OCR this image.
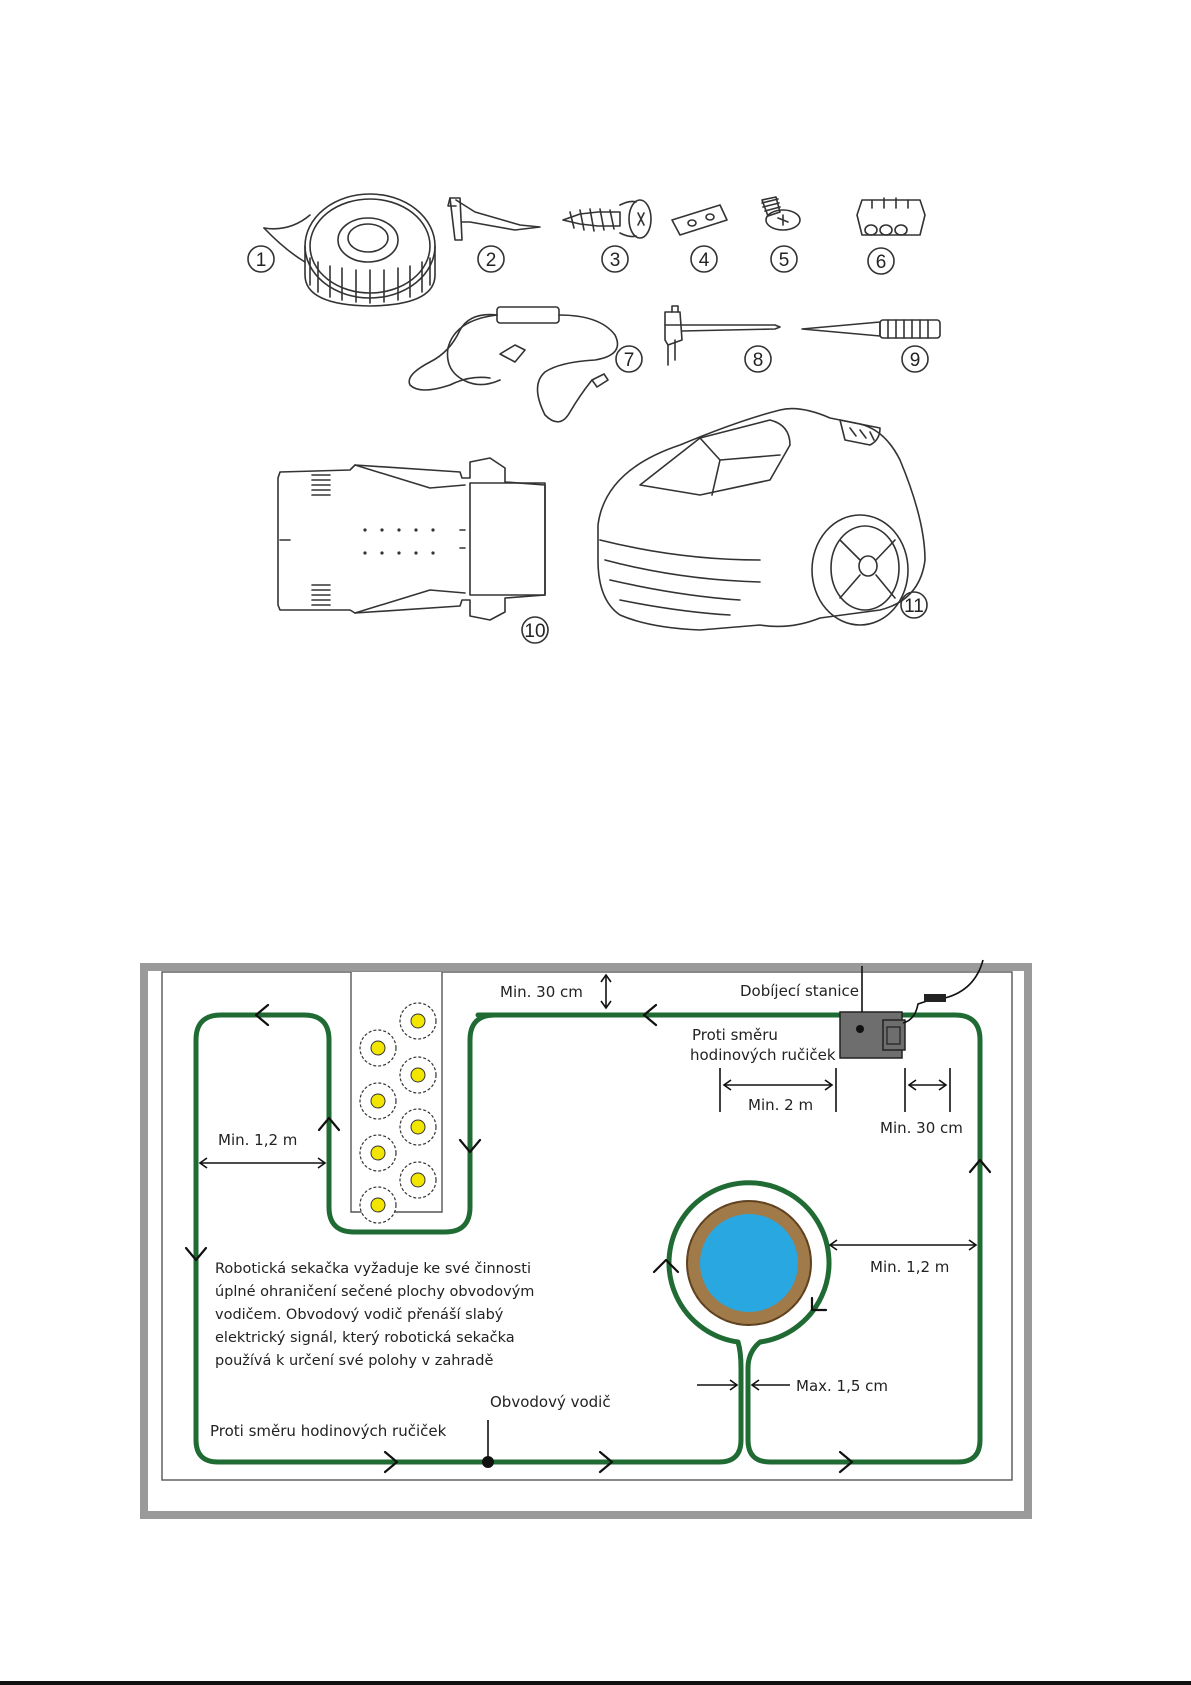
1	2	3	4	5	6
7	8	9
10
11
Min. 30 cm	Dobíjecí stanice
Proti směru
hodinových ručiček
Min. 2 m
Min. 30 cm
Min. 1,2 m
Min. 1,2 m
Max. 1,5 cm
Obvodový vodič
Proti směru hodinových ručiček
Robotická sekačka vyžaduje ke své činnosti
úplné ohraničení sečené plochy obvodovým
vodičem. Obvodový vodič přenáší slabý
elektrický signál, který robotická sekačka
používá k určení své polohy v zahradě
